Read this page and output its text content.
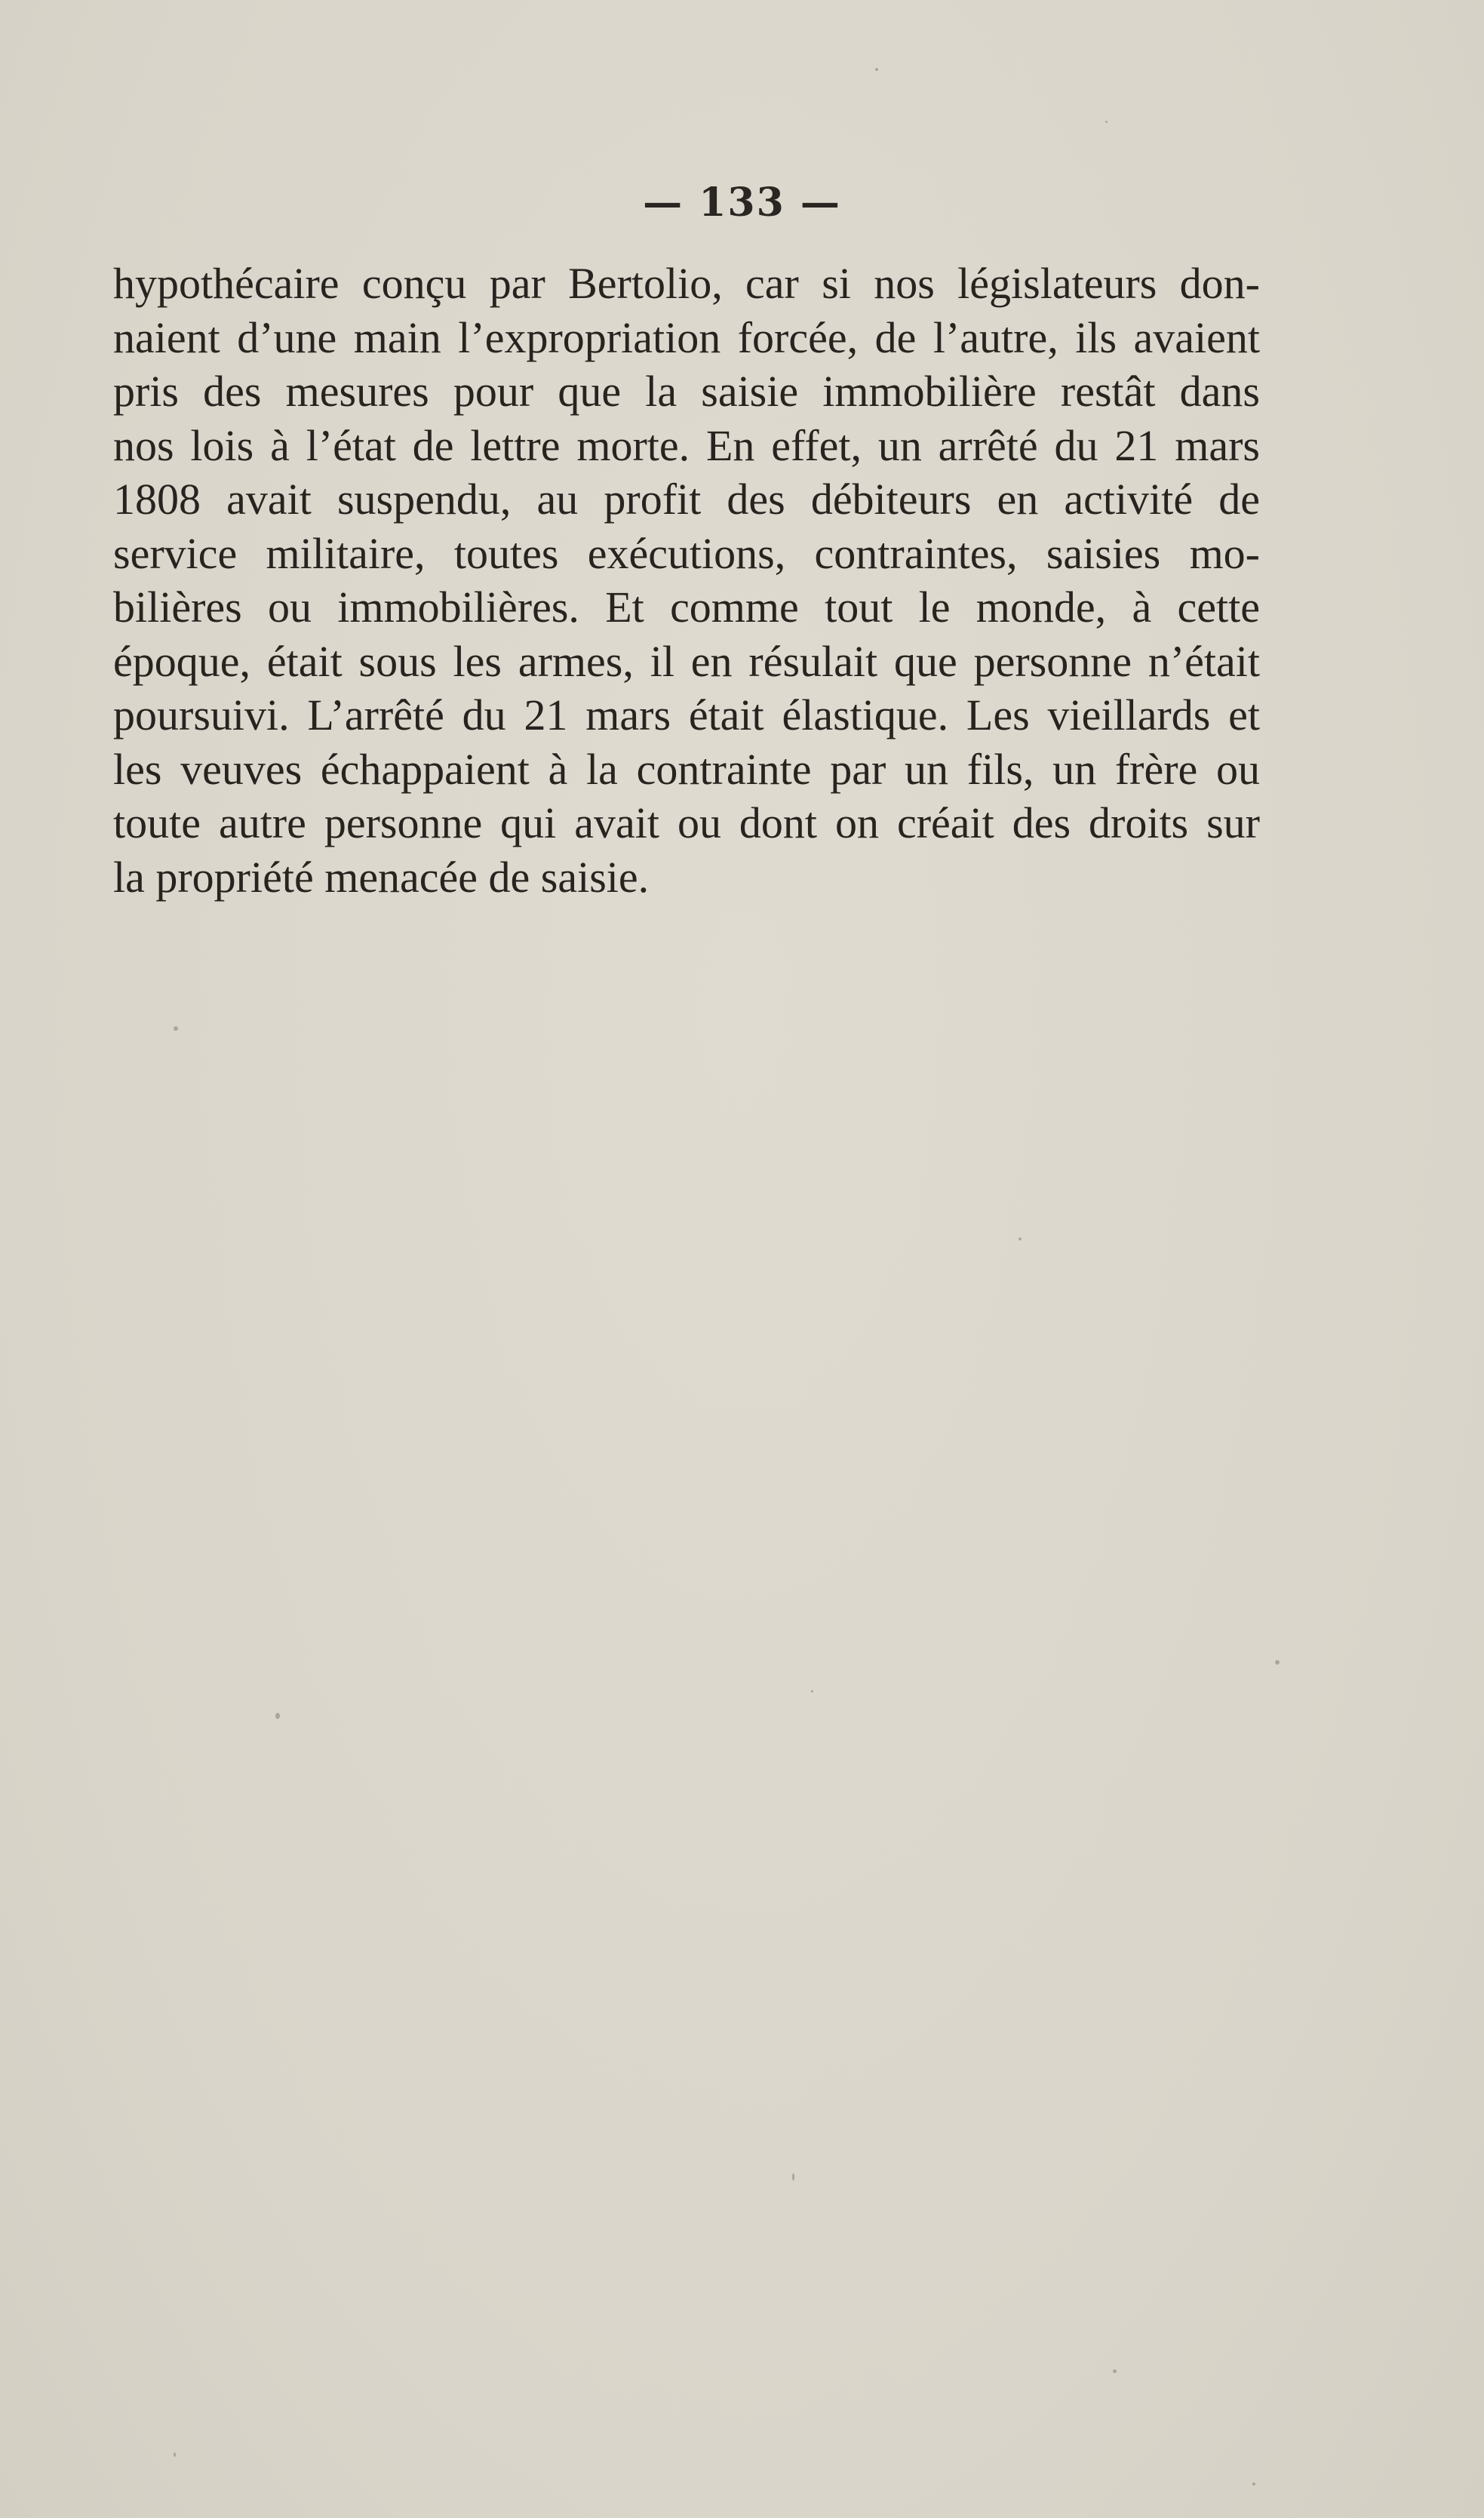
— 133 —
hypothécaire conçu par Bertolio, car si nos législateurs don-
naient d’une main l’expropriation forcée, de l’autre, ils avaient
pris des mesures pour que la saisie immobilière restât dans
nos lois à l’état de lettre morte. En effet, un arrêté du 21 mars
1808 avait suspendu, au profit des débiteurs en activité de
service militaire, toutes exécutions, contraintes, saisies mo-
bilières ou immobilières. Et comme tout le monde, à cette
époque, était sous les armes, il en résulait que personne n’était
poursuivi. L’arrêté du 21 mars était élastique. Les vieillards et
les veuves échappaient à la contrainte par un fils, un frère ou
toute autre personne qui avait ou dont on créait des droits sur
la propriété menacée de saisie.
